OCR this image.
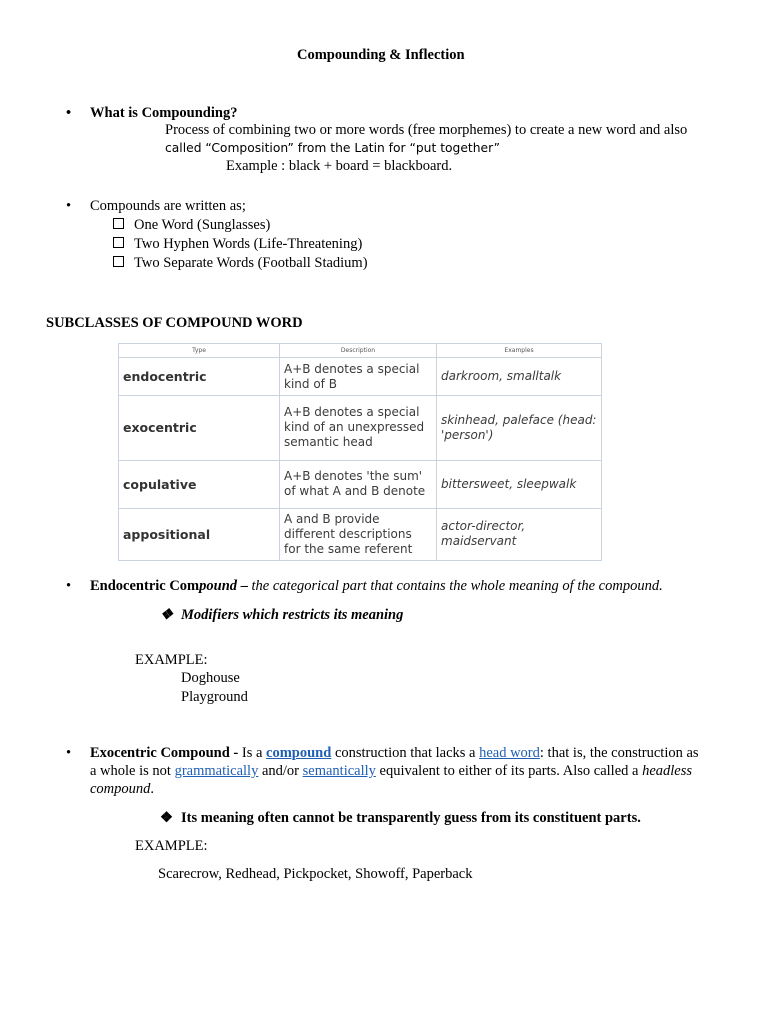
Compounding & Inflection
• What is Compounding?
Process of combining two or more words (free morphemes) to create a new word and also
called “Composition” from the Latin for “put together”
Example : black + board = blackboard.
• Compounds are written as;
One Word (Sunglasses)
Two Hyphen Words (Life-Threatening)
Two Separate Words (Football Stadium)
SUBCLASSES OF COMPOUND WORD
Type	Description	Examples
endocentric	A+B denotes a special kind of B	darkroom, smalltalk
exocentric	A+B denotes a special kind of an unexpressed semantic head	skinhead, paleface (head: 'person')
copulative	A+B denotes 'the sum' of what A and B denote	bittersweet, sleepwalk
appositional	A and B provide different descriptions for the same referent	actor-director, maidservant
• Endocentric Compound – the categorical part that contains the whole meaning of the compound.
❖ Modifiers which restricts its meaning
EXAMPLE:
Doghouse
Playground
• Exocentric Compound - Is a compound construction that lacks a head word: that is, the construction as
a whole is not grammatically and/or semantically equivalent to either of its parts. Also called a headless
compound.
❖ Its meaning often cannot be transparently guess from its constituent parts.
EXAMPLE:
Scarecrow, Redhead, Pickpocket, Showoff, Paperback
